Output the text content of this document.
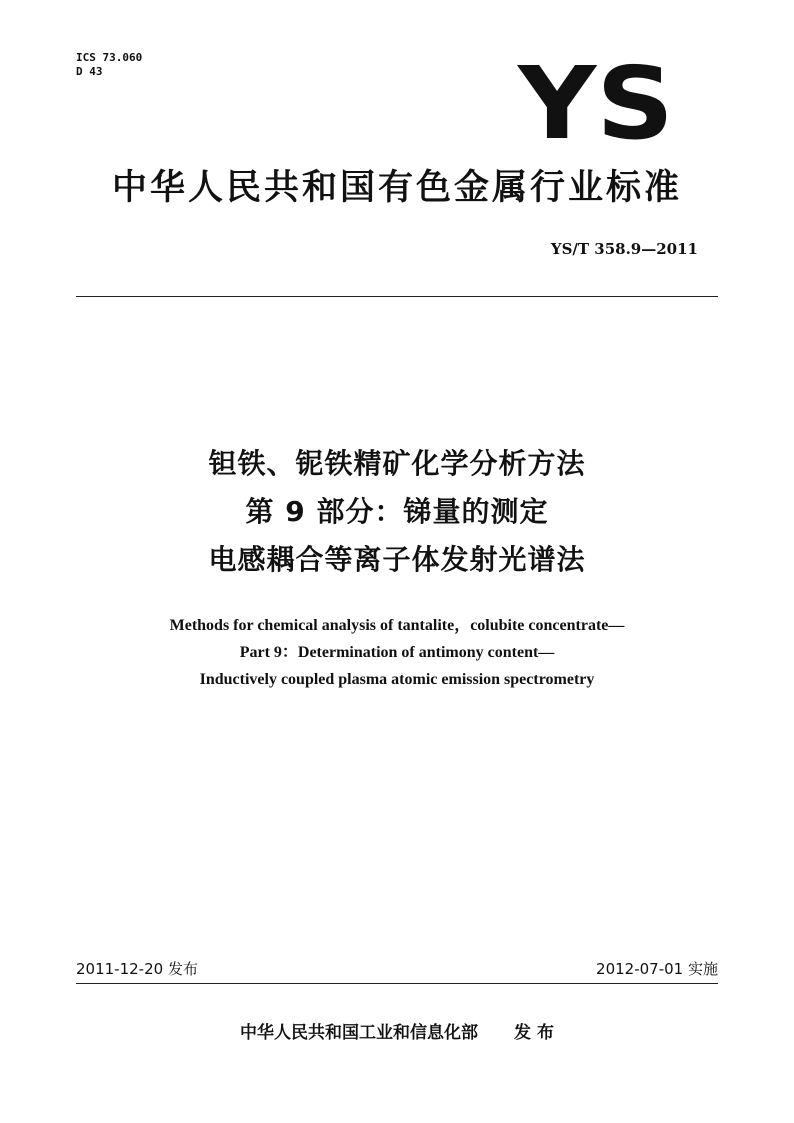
ICS 73.060
D 43	YS
中华人民共和国有色金属行业标准
YS/T 358.9—2011
钽铁、铌铁精矿化学分析方法
第 9 部分：锑量的测定
电感耦合等离子体发射光谱法
Methods for chemical analysis of tantalite，colubite concentrate—
Part 9：Determination of antimony content—
Inductively coupled plasma atomic emission spectrometry
2011-12-20 发布	2012-07-01 实施
中华人民共和国工业和信息化部 发 布
